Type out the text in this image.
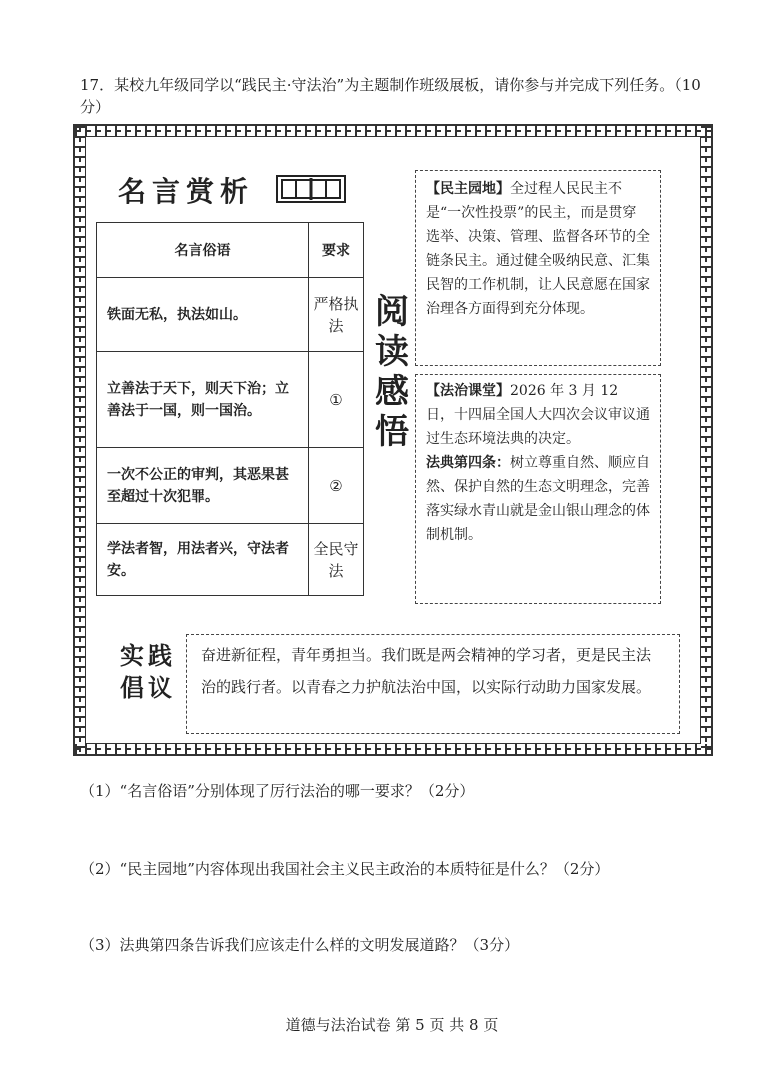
17．某校九年级同学以“践民主·守法治”为主题制作班级展板，请你参与并完成下列任务。（10分）
名言赏析
名言俗语	要求
铁面无私，执法如山。	严格执法
立善法于天下，则天下治；立善法于一国，则一国治。	①
一次不公正的审判，其恶果甚至超过十次犯罪。	②
学法者智，用法者兴，守法者安。	全民守法
阅读感悟
【民主园地】全过程人民民主不是“一次性投票”的民主，而是贯穿选举、决策、管理、监督各环节的全链条民主。通过健全吸纳民意、汇集民智的工作机制，让人民意愿在国家治理各方面得到充分体现。
【法治课堂】2026 年 3 月 12 日，十四届全国人大四次会议审议通过生态环境法典的决定。
法典第四条：树立尊重自然、顺应自然、保护自然的生态文明理念，完善落实绿水青山就是金山银山理念的体制机制。
实践倡议
奋进新征程，青年勇担当。我们既是两会精神的学习者，更是民主法治的践行者。以青春之力护航法治中国，以实际行动助力国家发展。
（1）“名言俗语”分别体现了厉行法治的哪一要求？（2分）
（2）“民主园地”内容体现出我国社会主义民主政治的本质特征是什么？（2分）
（3）法典第四条告诉我们应该走什么样的文明发展道路？（3分）
道德与法治试卷 第 5 页 共 8 页
